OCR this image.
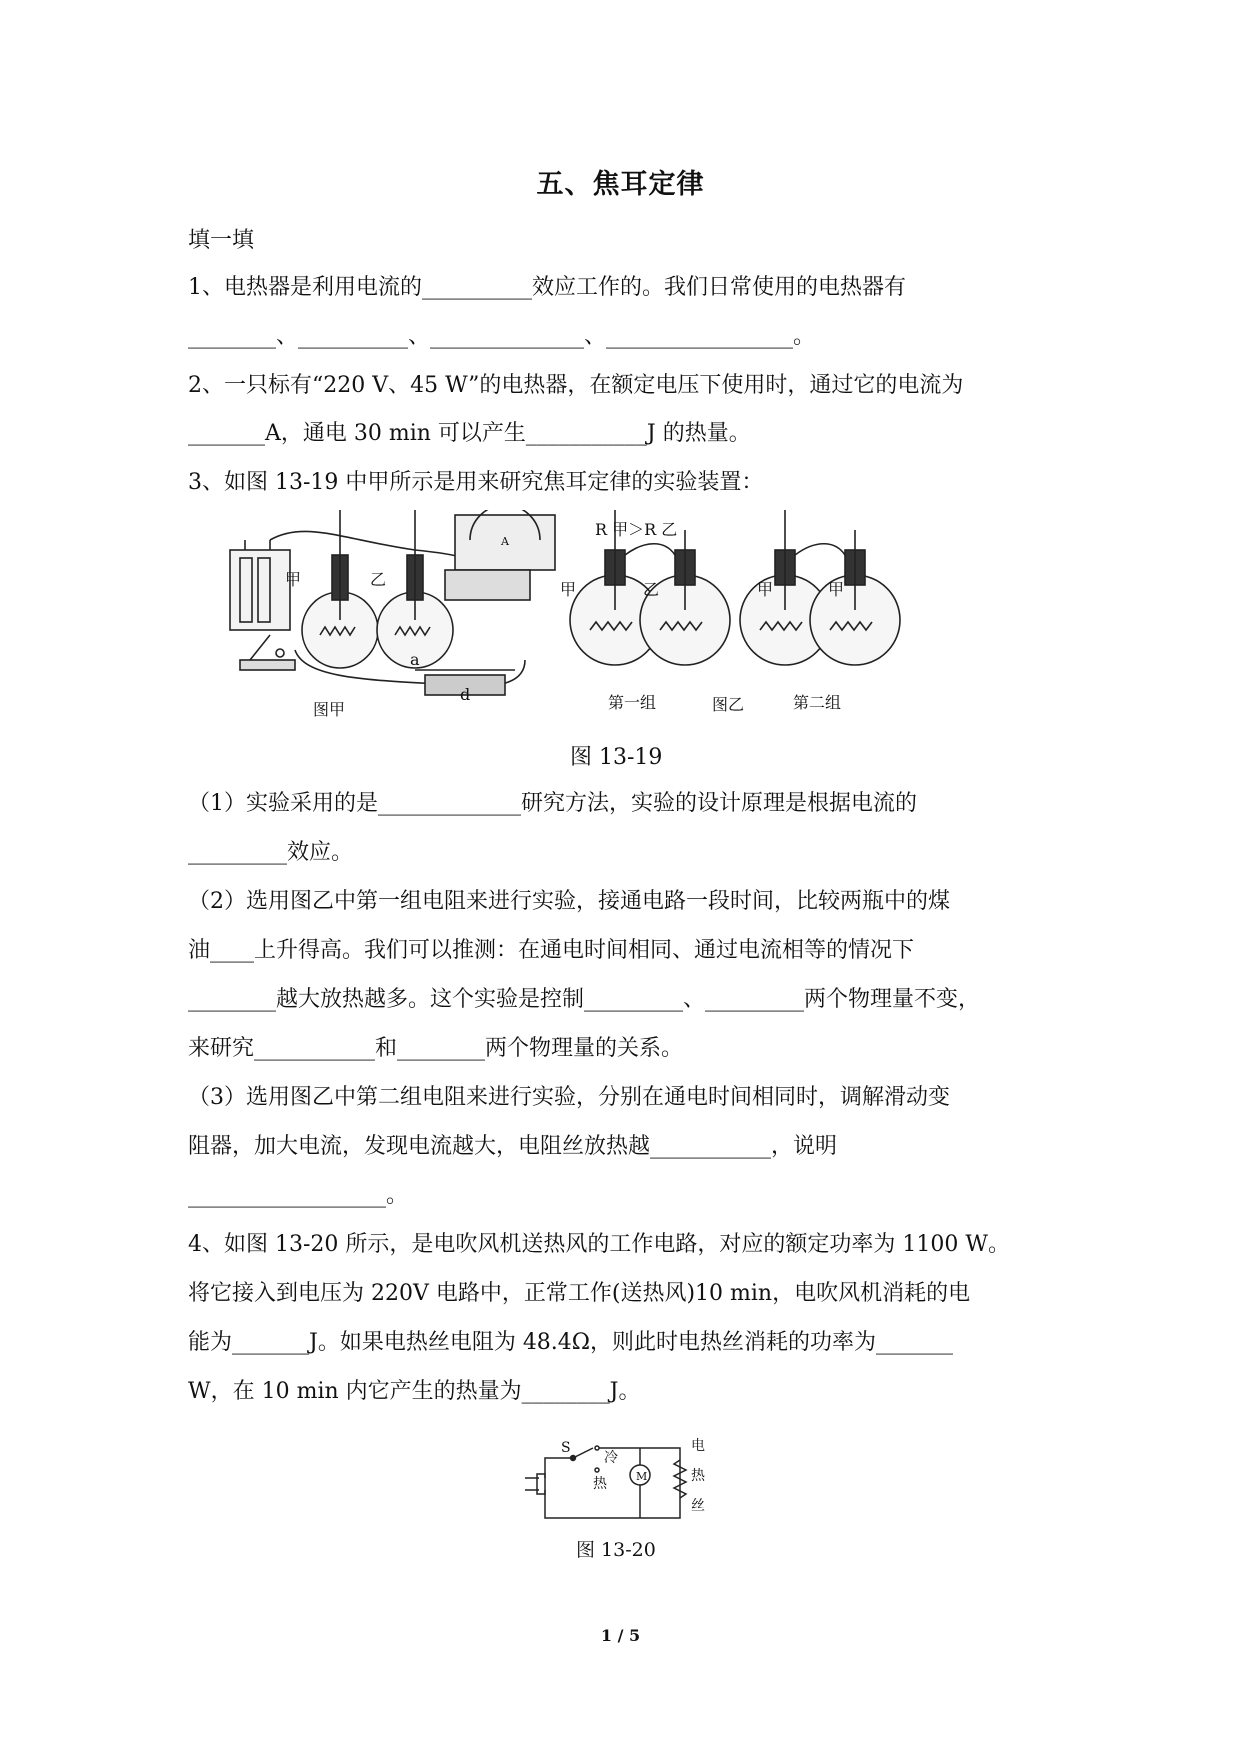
五、焦耳定律
填一填
1、电热器是利用电流的__________效应工作的。我们日常使用的电热器有
________、__________、______________、_________________。
2、一只标有“220 V、45 W”的电热器，在额定电压下使用时，通过它的电流为
_______A，通电 30 min 可以产生___________J 的热量。
3、如图 13-19 中甲所示是用来研究焦耳定律的实验装置：
甲	乙
a
d
A
图甲
R 甲＞R 乙
甲	乙	甲	甲
第一组	图乙	第二组
图 13-19
（1）实验采用的是_____________研究方法，实验的设计原理是根据电流的
_________效应。
（2）选用图乙中第一组电阻来进行实验，接通电路一段时间，比较两瓶中的煤
油____上升得高。我们可以推测：在通电时间相同、通过电流相等的情况下
________越大放热越多。这个实验是控制_________、_________两个物理量不变，
来研究___________和________两个物理量的关系。
（3）选用图乙中第二组电阻来进行实验，分别在通电时间相同时，调解滑动变
阻器，加大电流，发现电流越大，电阻丝放热越___________，说明
__________________。
4、如图 13-20 所示，是电吹风机送热风的工作电路，对应的额定功率为 1100 W。
将它接入到电压为 220V 电路中，正常工作(送热风)10 min，电吹风机消耗的电
能为_______J。如果电热丝电阻为 48.4Ω，则此时电热丝消耗的功率为_______
W，在 10 min 内它产生的热量为________J。
S
冷
热	M
电
热
丝
图 13-20
1 / 5
